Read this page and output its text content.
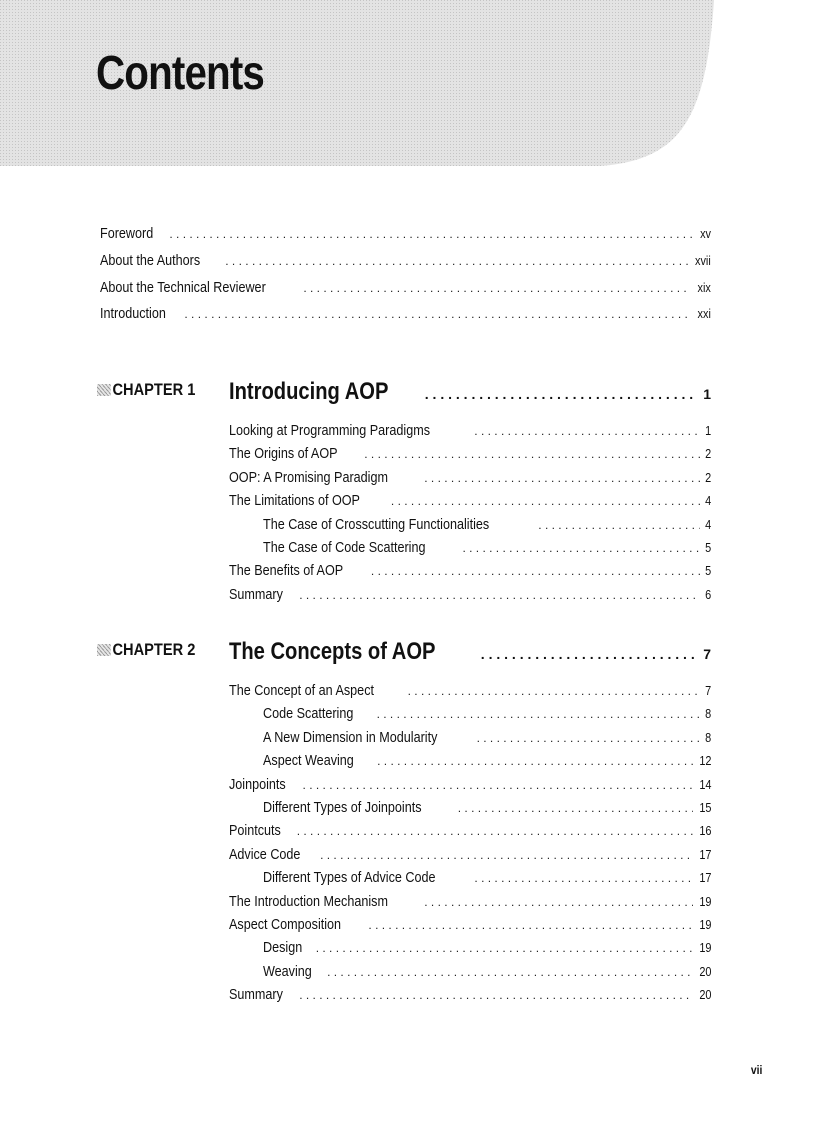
Contents
Foreword . . .	xv
About the Authors . . .	xvii
About the Technical Reviewer . . .	xix
Introduction . . .	xxi
CHAPTER 1 Introducing AOP . . .	1
Looking at Programming Paradigms . . .	1
The Origins of AOP . . .	2
OOP: A Promising Paradigm . . .	2
The Limitations of OOP . . .	4
The Case of Crosscutting Functionalities . . .	4
The Case of Code Scattering . . .	5
The Benefits of AOP . . .	5
Summary . . .	6
CHAPTER 2 The Concepts of AOP . . .	7
The Concept of an Aspect . . .	7
Code Scattering . . .	8
A New Dimension in Modularity . . .	8
Aspect Weaving . . .	12
Joinpoints . . .	14
Different Types of Joinpoints . . .	15
Pointcuts . . .	16
Advice Code . . .	17
Different Types of Advice Code . . .	17
The Introduction Mechanism . . .	19
Aspect Composition . . .	19
Design . . .	19
Weaving . . .	20
Summary . . .	20
vii
